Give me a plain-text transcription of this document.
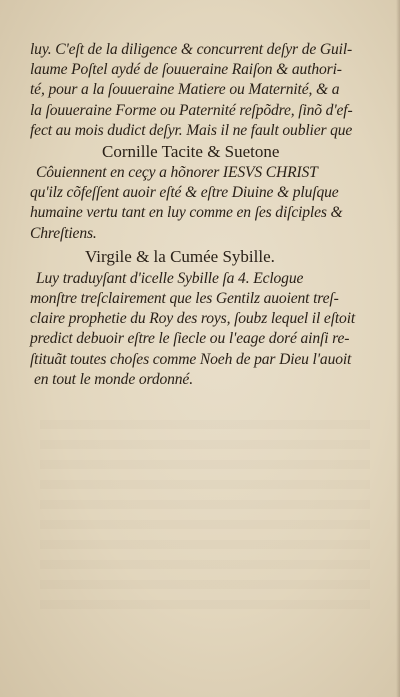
luy. C'eſt de la diligence & concurrent deſyr de Guil-
laume Poſtel aydé de ſouueraine Raiſon & authori-
té, pour a la ſouueraine Matiere ou Maternité, & a
la ſouueraine Forme ou Paternité reſpõdre, ſinõ d'ef-
fect au mois dudict deſyr. Mais il ne fault oublier que
Cornille Tacite & Suetone
Côuiennent en ceçy a hõnorer IESVS CHRIST
qu'ilz cõfeſſent auoir eſté & eſtre Diuine & pluſque
humaine vertu tant en luy comme en ſes diſciples &
Chreſtiens.
Virgile & la Cumée Sybille.
Luy traduyſant d'icelle Sybille ſa 4. Eclogue
monſtre treſclairement que les Gentilz auoient treſ-
claire prophetie du Roy des roys, ſoubz lequel il eſtoit
predict debuoir eſtre le ſiecle ou l'eage doré ainſi re-
ſtituãt toutes choſes comme Noeh de par Dieu l'auoit
en tout le monde ordonné.
